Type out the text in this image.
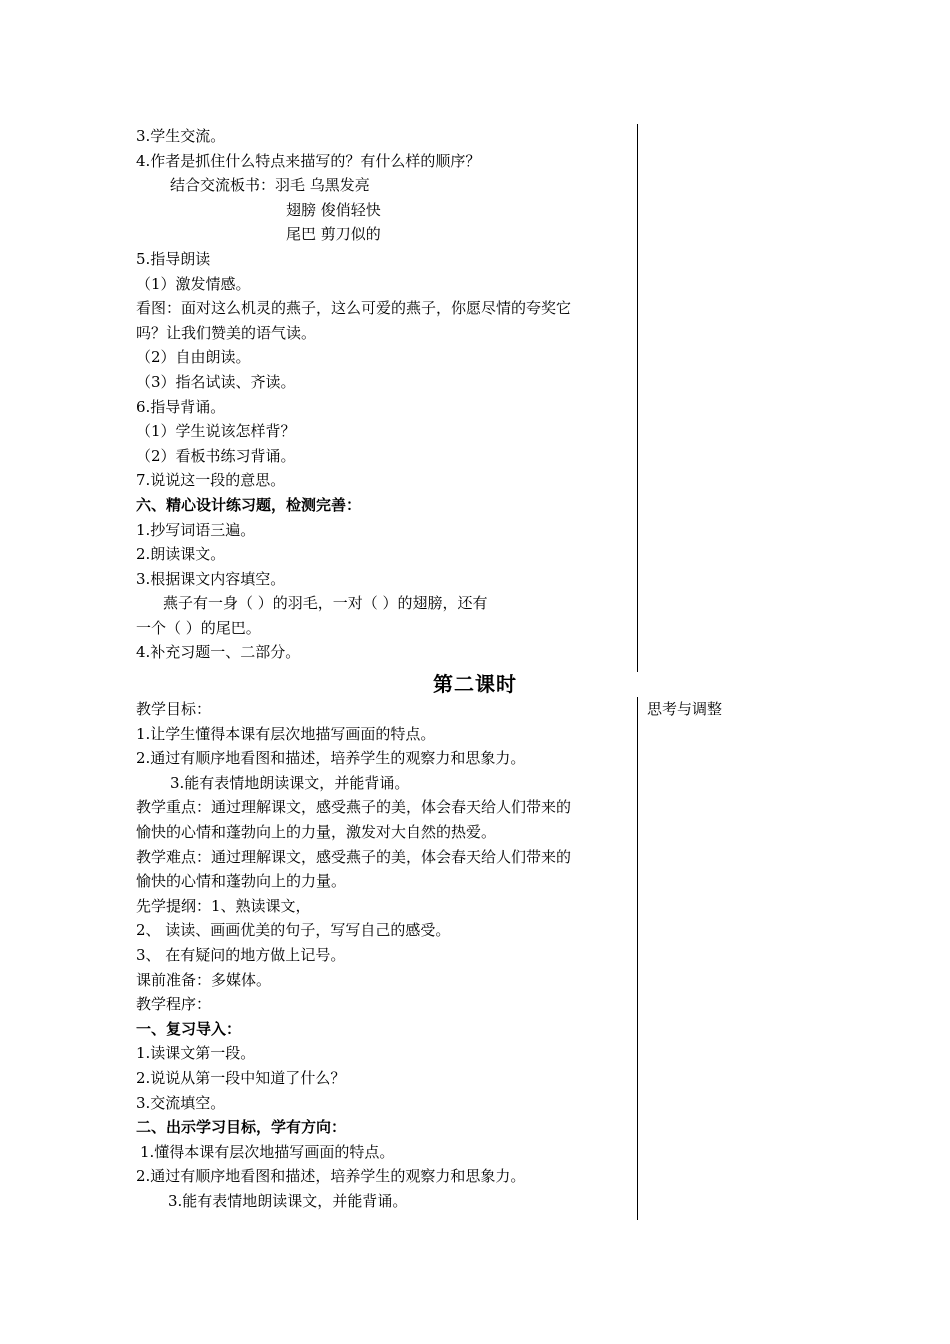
3.学生交流。
4.作者是抓住什么特点来描写的？有什么样的顺序？
结合交流板书：羽毛 乌黑发亮
翅膀 俊俏轻快
尾巴 剪刀似的
5.指导朗读
（1）激发情感。
看图：面对这么机灵的燕子，这么可爱的燕子，你愿尽情的夸奖它
吗？让我们赞美的语气读。
（2）自由朗读。
（3）指名试读、齐读。
6.指导背诵。
（1）学生说该怎样背？
（2）看板书练习背诵。
7.说说这一段的意思。
六、精心设计练习题，检测完善：
1.抄写词语三遍。
2.朗读课文。
3.根据课文内容填空。
燕子有一身（ ）的羽毛，一对（ ）的翅膀，还有
一个（ ）的尾巴。
4.补充习题一、二部分。
第二课时
教学目标：
1.让学生懂得本课有层次地描写画面的特点。
2.通过有顺序地看图和描述，培养学生的观察力和思象力。
3.能有表情地朗读课文，并能背诵。
教学重点：通过理解课文，感受燕子的美，体会春天给人们带来的
愉快的心情和蓬勃向上的力量，激发对大自然的热爱。
教学难点：通过理解课文，感受燕子的美，体会春天给人们带来的
愉快的心情和蓬勃向上的力量。
先学提纲：1、熟读课文，
2、 读读、画画优美的句子，写写自己的感受。
3、 在有疑问的地方做上记号。
课前准备：多媒体。
教学程序：
一、复习导入：
1.读课文第一段。
2.说说从第一段中知道了什么？
3.交流填空。
二、出示学习目标，学有方向：
1.懂得本课有层次地描写画面的特点。
2.通过有顺序地看图和描述，培养学生的观察力和思象力。
3.能有表情地朗读课文，并能背诵。
思考与调整
